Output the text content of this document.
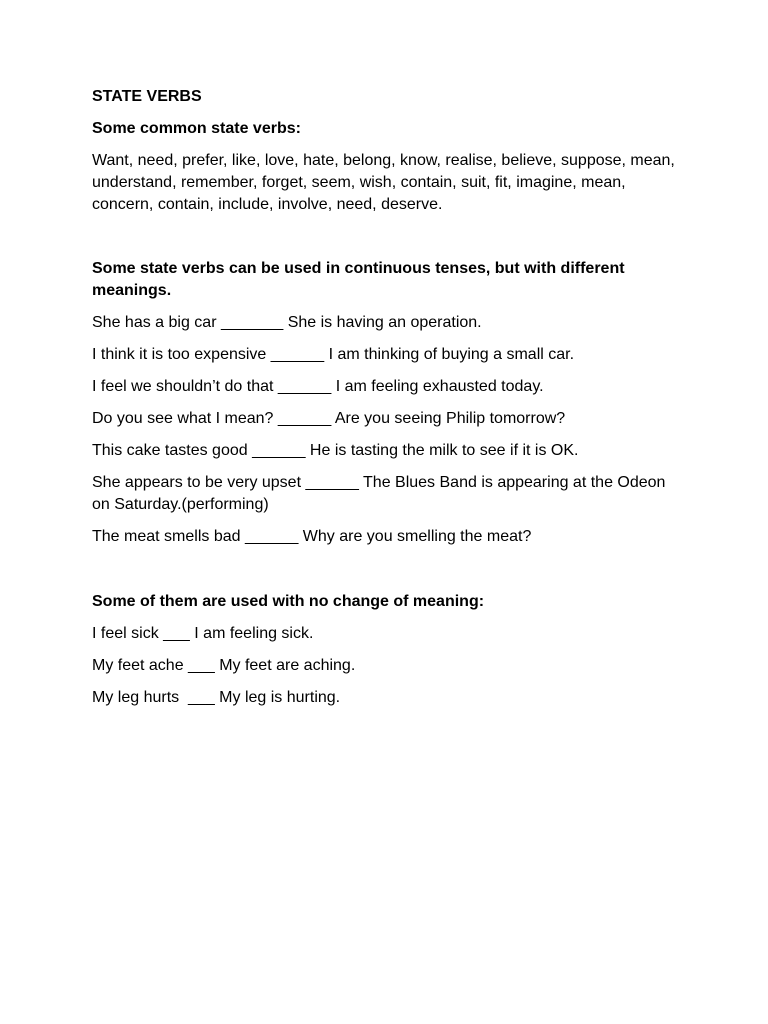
STATE VERBS

Some common state verbs:

Want, need, prefer, like, love, hate, belong, know, realise, believe, suppose, mean, understand, remember, forget, seem, wish, contain, suit, fit, imagine, mean, concern, contain, include, involve, need, deserve.

Some state verbs can be used in continuous tenses, but with different meanings.

She has a big car _______ She is having an operation.

I think it is too expensive ______ I am thinking of buying a small car.

I feel we shouldn’t do that ______ I am feeling exhausted today.

Do you see what I mean? ______ Are you seeing Philip tomorrow?

This cake tastes good ______ He is tasting the milk to see if it is OK.

She appears to be very upset ______ The Blues Band is appearing at the Odeon on Saturday.(performing)

The meat smells bad ______ Why are you smelling the meat?

Some of them are used with no change of meaning:

I feel sick ___ I am feeling sick.

My feet ache ___ My feet are aching.

My leg hurts  ___ My leg is hurting.
